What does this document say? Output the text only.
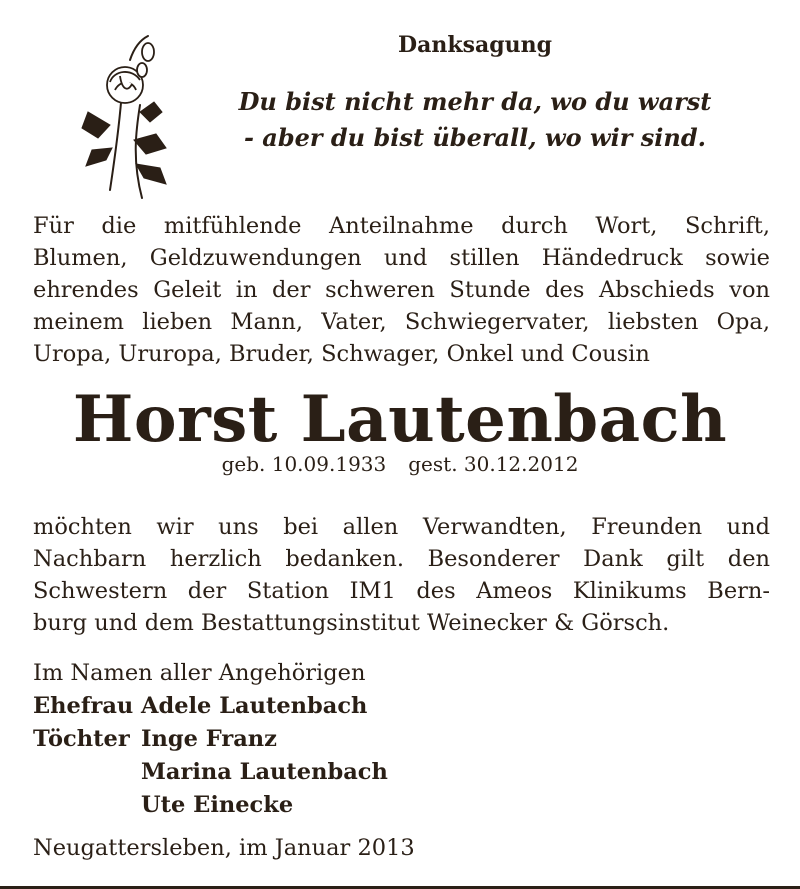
Danksagung
Du bist nicht mehr da, wo du warst
- aber du bist überall, wo wir sind.
Für die mitfühlende Anteilnahme durch Wort, Schrift,
Blumen, Geldzuwendungen und stillen Händedruck sowie
ehrendes Geleit in der schweren Stunde des Abschieds von
meinem lieben Mann, Vater, Schwiegervater, liebsten Opa,
Uropa, Ururopa, Bruder, Schwager, Onkel und Cousin
Horst Lautenbach
geb. 10.09.1933 gest. 30.12.2012
möchten wir uns bei allen Verwandten, Freunden und
Nachbarn herzlich bedanken. Besonderer Dank gilt den
Schwestern der Station IM1 des Ameos Klinikums Bern-
burg und dem Bestattungsinstitut Weinecker & Görsch.
Im Namen aller Angehörigen
Ehefrau Adele Lautenbach
Töchter Inge Franz
Marina Lautenbach
Ute Einecke
Neugattersleben, im Januar 2013
